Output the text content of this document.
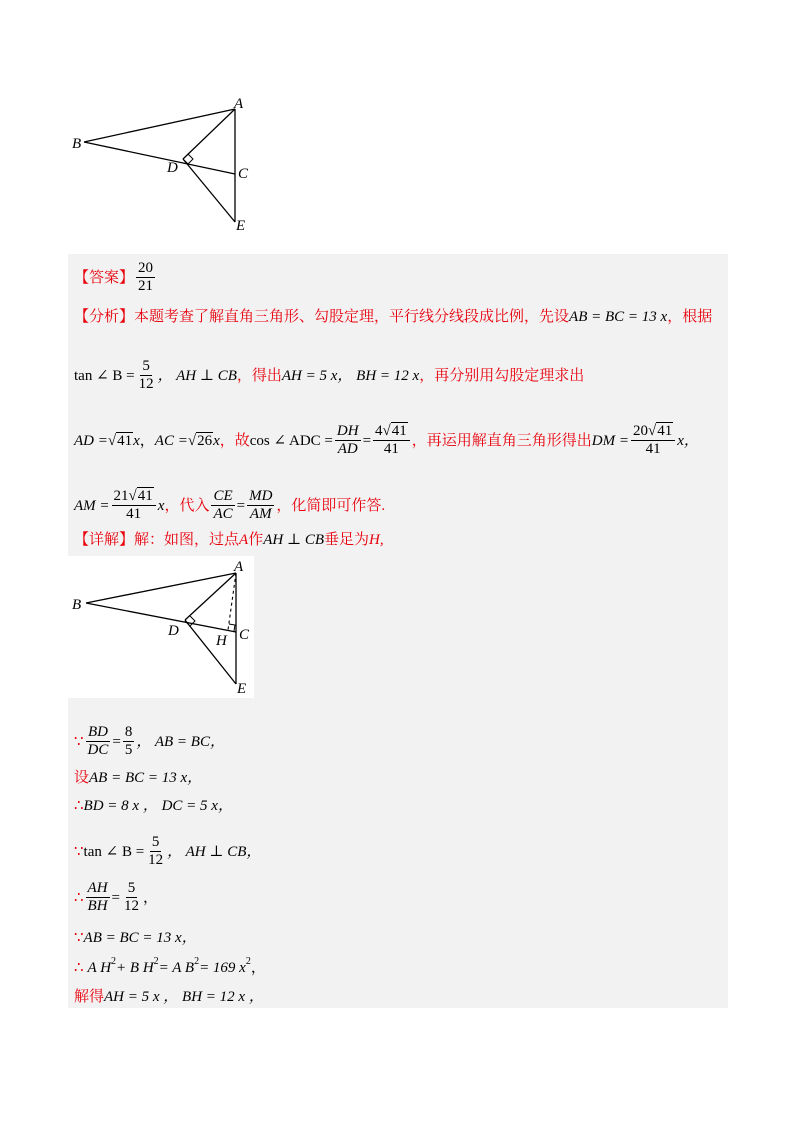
A
B
D	C
E
【答案】 $\frac{20}{21}$
【分析】 本题考查了解直角三角形、勾股定理，平行线分线段成比例，先设 AB = BC = 13 x ，根据
tan ∠ $B = \frac{5}{12}$ ， AH ⊥ CB ，得出 AH = 5 x ， BH = 12 x ，再分别用勾股定理求出
AD = √41 x ， AC = √26 x ，故 cos ∠ ADC = $\frac{DH}{AD} = \frac{4√41}{41}$ ，再运用解直角三角形得出 DM = $\frac{20√41}{41}$ x，
AM = $\frac{21√41}{41}$ x ，代入 $\frac{CE}{AC} = \frac{MD}{AM}$ ，化简即可作答.
【详解】 解：如图，过点 A 作 AH ⊥ CB 垂足为 H,
A
B
D
H C
E
∵ $\frac{BD}{DC} = \frac{8}{5}$ ， AB = BC，
设 AB = BC = 13 x，
∴ BD = 8 x ， DC = 5 x，
∵ tan ∠ $B = \frac{5}{12}$ ， AH ⊥ CB，
∴ $\frac{AH}{BH} = \frac{5}{12}$ ，
∵ AB = BC = 13 x，
∴ A H 2 + B H 2 = A B 2 = 169 x 2 ，
解得 AH = 5 x ， BH = 12 x ，
